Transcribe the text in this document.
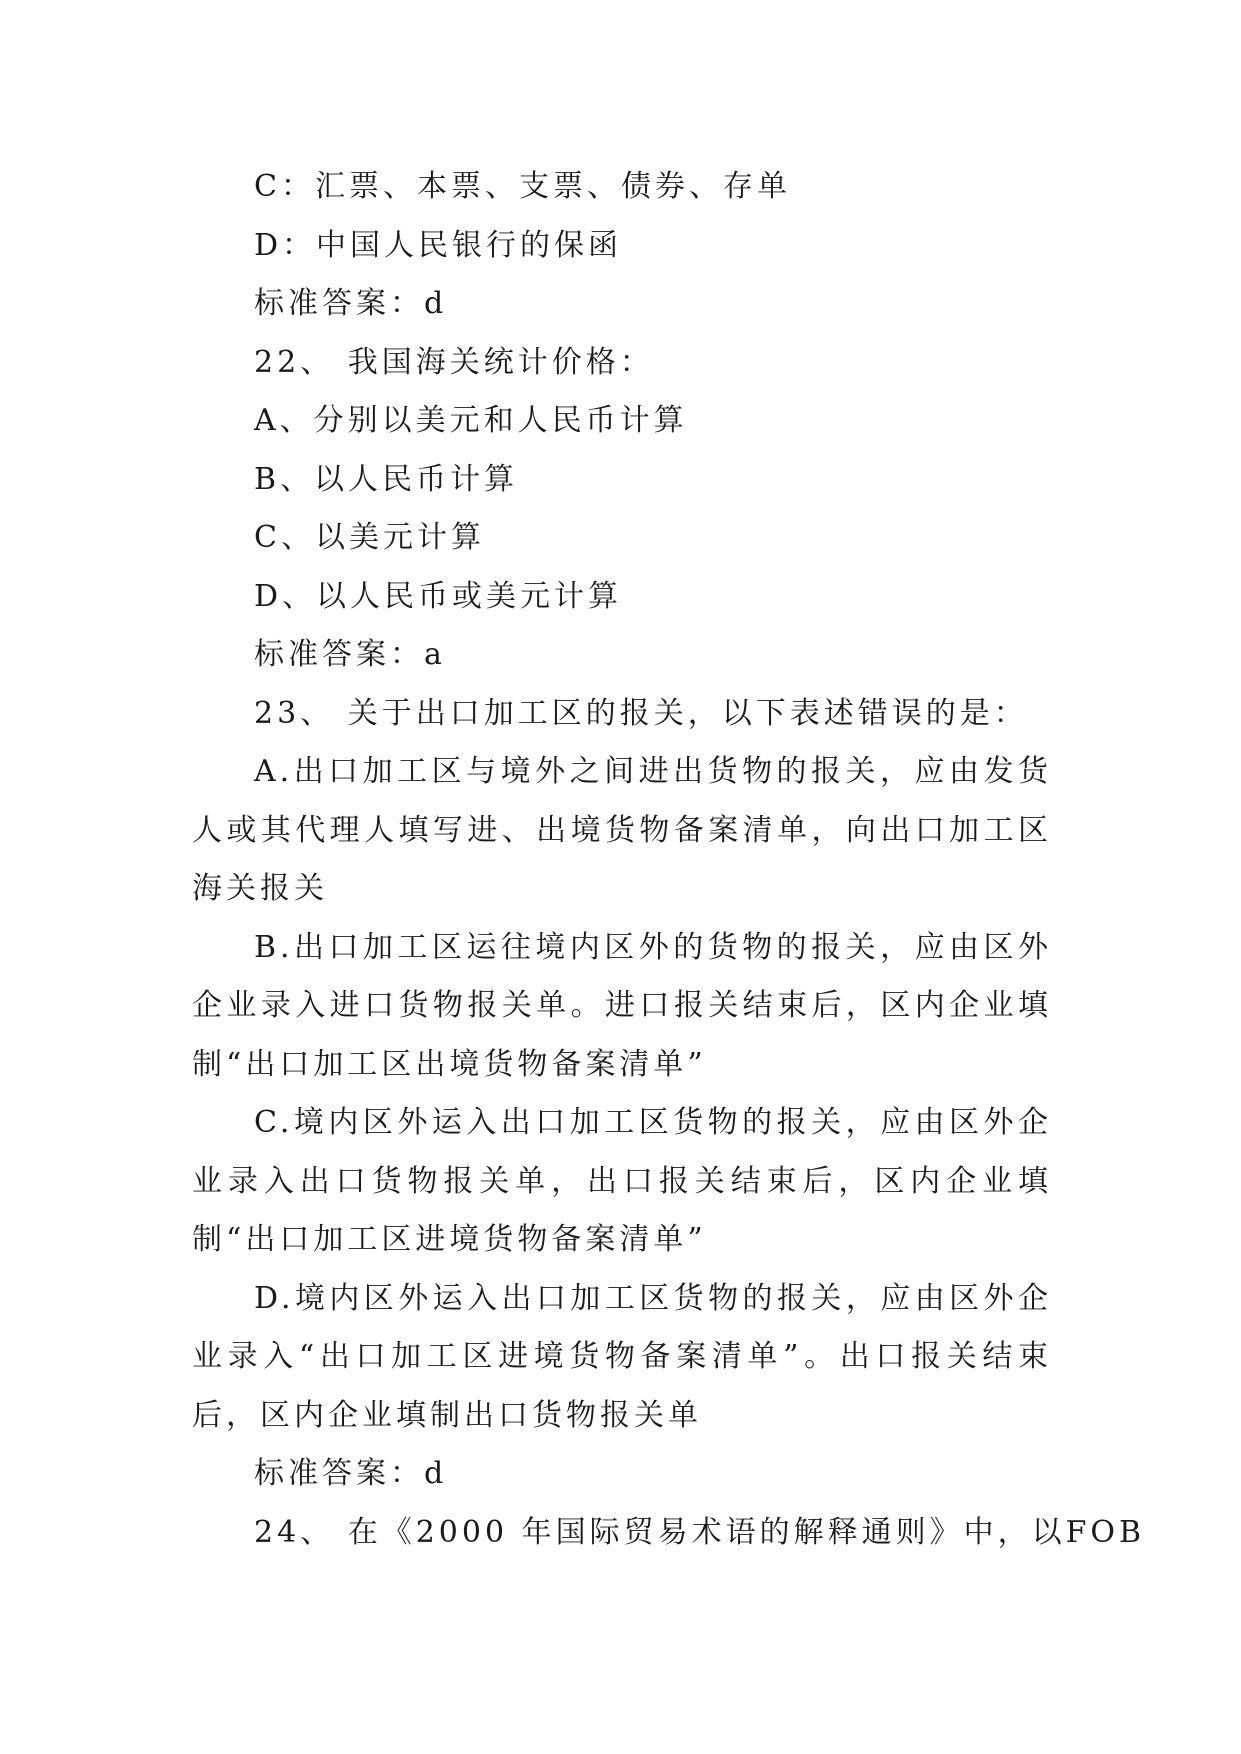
C：汇票、本票、支票、债券、存单

D：中国人民银行的保函

标准答案：d

22、 我国海关统计价格：

A、分别以美元和人民币计算

B、以人民币计算

C、以美元计算

D、以人民币或美元计算

标准答案：a

23、 关于出口加工区的报关，以下表述错误的是：

A.出口加工区与境外之间进出货物的报关，应由发货人或其代理人填写进、出境货物备案清单，向出口加工区海关报关

B.出口加工区运往境内区外的货物的报关，应由区外企业录入进口货物报关单。进口报关结束后，区内企业填制“出口加工区出境货物备案清单”

C.境内区外运入出口加工区货物的报关，应由区外企业录入出口货物报关单，出口报关结束后，区内企业填制“出口加工区进境货物备案清单”

D.境内区外运入出口加工区货物的报关，应由区外企业录入“出口加工区进境货物备案清单”。出口报关结束后，区内企业填制出口货物报关单

标准答案：d

24、 在《2000 年国际贸易术语的解释通则》中，以FOB
